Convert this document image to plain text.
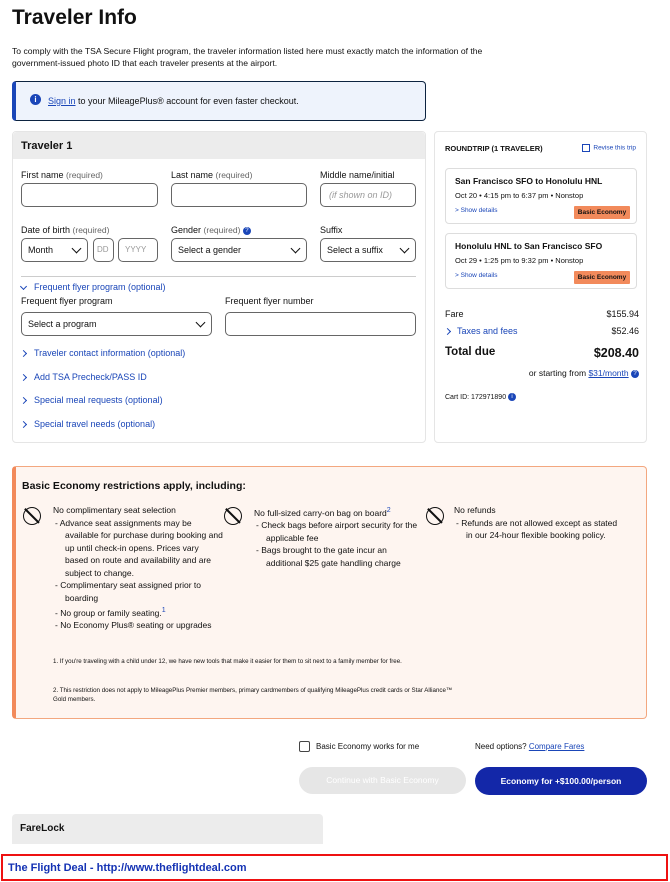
Traveler Info
To comply with the TSA Secure Flight program, the traveler information listed here must exactly match the information of the government-issued photo ID that each traveler presents at the airport.
i	Sign in to your MileagePlus® account for even faster checkout.
Traveler 1
First name (required)	Last name (required)	Middle name/initial
(if shown on ID)
Date of birth (required)
Month	DD	YYYY
Gender (required) ?
Select a gender
Suffix
Select a suffix
Frequent flyer program (optional)
Frequent flyer program
Select a program
Frequent flyer number
Traveler contact information (optional)
Add TSA Precheck/PASS ID
Special meal requests (optional)
Special travel needs (optional)
ROUNDTRIP (1 TRAVELER)	Revise this trip
San Francisco SFO to Honolulu HNL
Oct 20 • 4:15 pm to 6:37 pm • Nonstop
> Show details	Basic Economy
Honolulu HNL to San Francisco SFO
Oct 29 • 1:25 pm to 9:32 pm • Nonstop
> Show details	Basic Economy
Fare	$155.94
Taxes and fees	$52.46
Total due	$208.40
or starting from $31/month ?
Cart ID: 172971890 i
Basic Economy restrictions apply, including:
No complimentary seat selection
- Advance seat assignments may be available for purchase during booking and up until check-in opens. Prices vary based on route and availability and are subject to change.
- Complimentary seat assigned prior to boarding
- No group or family seating.$^1$
- No Economy Plus® seating or upgrades
No full-sized carry-on bag on board$^2$
- Check bags before airport security for the applicable fee
- Bags brought to the gate incur an additional $25 gate handling charge
No refunds
- Refunds are not allowed except as stated in our 24-hour flexible booking policy.
1. If you're traveling with a child under 12, we have new tools that make it easier for them to sit next to a family member for free.
2. This restriction does not apply to MileagePlus Premier members, primary cardmembers of qualifying MileagePlus credit cards or Star Alliance™ Gold members.
Basic Economy works for me	Need options? Compare Fares
Continue with Basic Economy	Economy for +$100.00/person
FareLock
The Flight Deal - http://www.theflightdeal.com
